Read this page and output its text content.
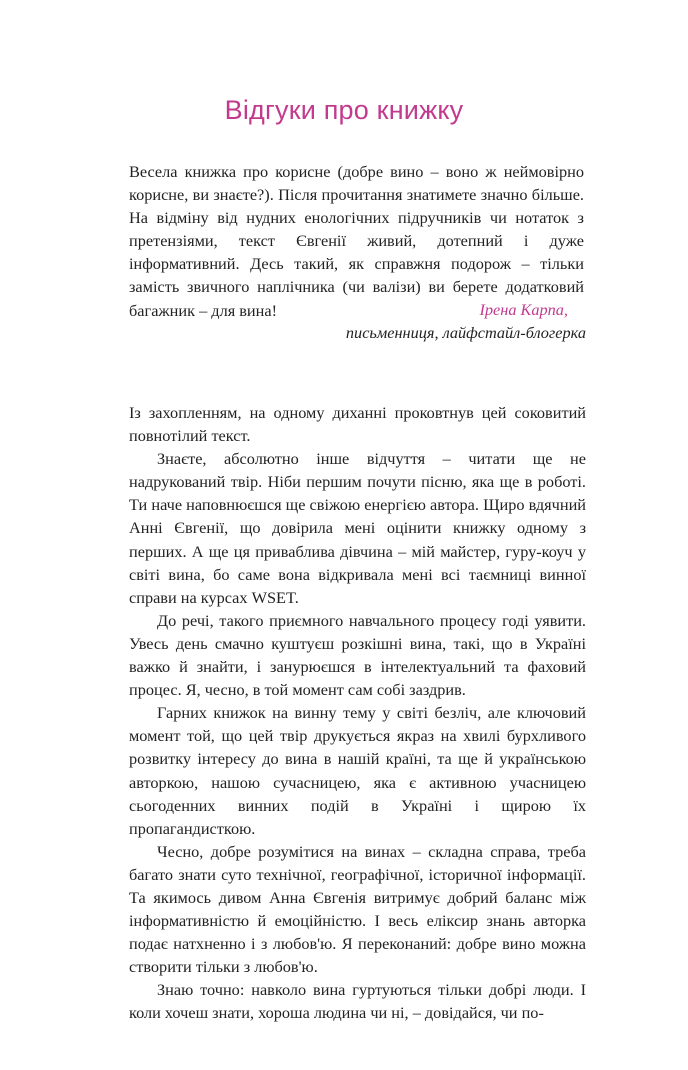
Відгуки про книжку

Весела книжка про корисне (добре вино – воно ж неймовірно корисне, ви знаєте?). Після прочитання знатимете значно більше. На відміну від нудних енологічних підручників чи нотаток з претензіями, текст Євгенії живий, дотепний і дуже інформативний. Десь такий, як справжня подорож – тільки замість звичного наплічника (чи валізи) ви берете додатковий багажник – для вина!	Ірена Карпа,
письменниця, лайфстайл-блогерка

Із захопленням, на одному диханні проковтнув цей соковитий повнотілий текст.

Знаєте, абсолютно інше відчуття – читати ще не надрукований твір. Ніби першим почути пісню, яка ще в роботі. Ти наче наповнюєшся ще свіжою енергією автора. Щиро вдячний Анні Євгенії, що довірила мені оцінити книжку одному з перших. А ще ця приваблива дівчина – мій майстер, гуру-коуч у світі вина, бо саме вона відкривала мені всі таємниці винної справи на курсах WSET.

До речі, такого приємного навчального процесу годі уявити. Увесь день смачно куштуєш розкішні вина, такі, що в Україні важко й знайти, і занурюєшся в інтелектуальний та фаховий процес. Я, чесно, в той момент сам собі заздрив.

Гарних книжок на винну тему у світі безліч, але ключовий момент той, що цей твір друкується якраз на хвилі бурхливого розвитку інтересу до вина в нашій країні, та ще й українською авторкою, нашою сучасницею, яка є активною учасницею сьогоденних винних подій в Україні і щирою їх пропагандисткою.

Чесно, добре розумітися на винах – складна справа, треба багато знати суто технічної, географічної, історичної інформації. Та якимось дивом Анна Євгенія витримує добрий баланс між інформативністю й емоційністю. І весь еліксир знань авторка подає натхненно і з любов'ю. Я переконаний: добре вино можна створити тільки з любов'ю.

Знаю точно: навколо вина гуртуються тільки добрі люди. І коли хочеш знати, хороша людина чи ні, – довідайся, чи по-
